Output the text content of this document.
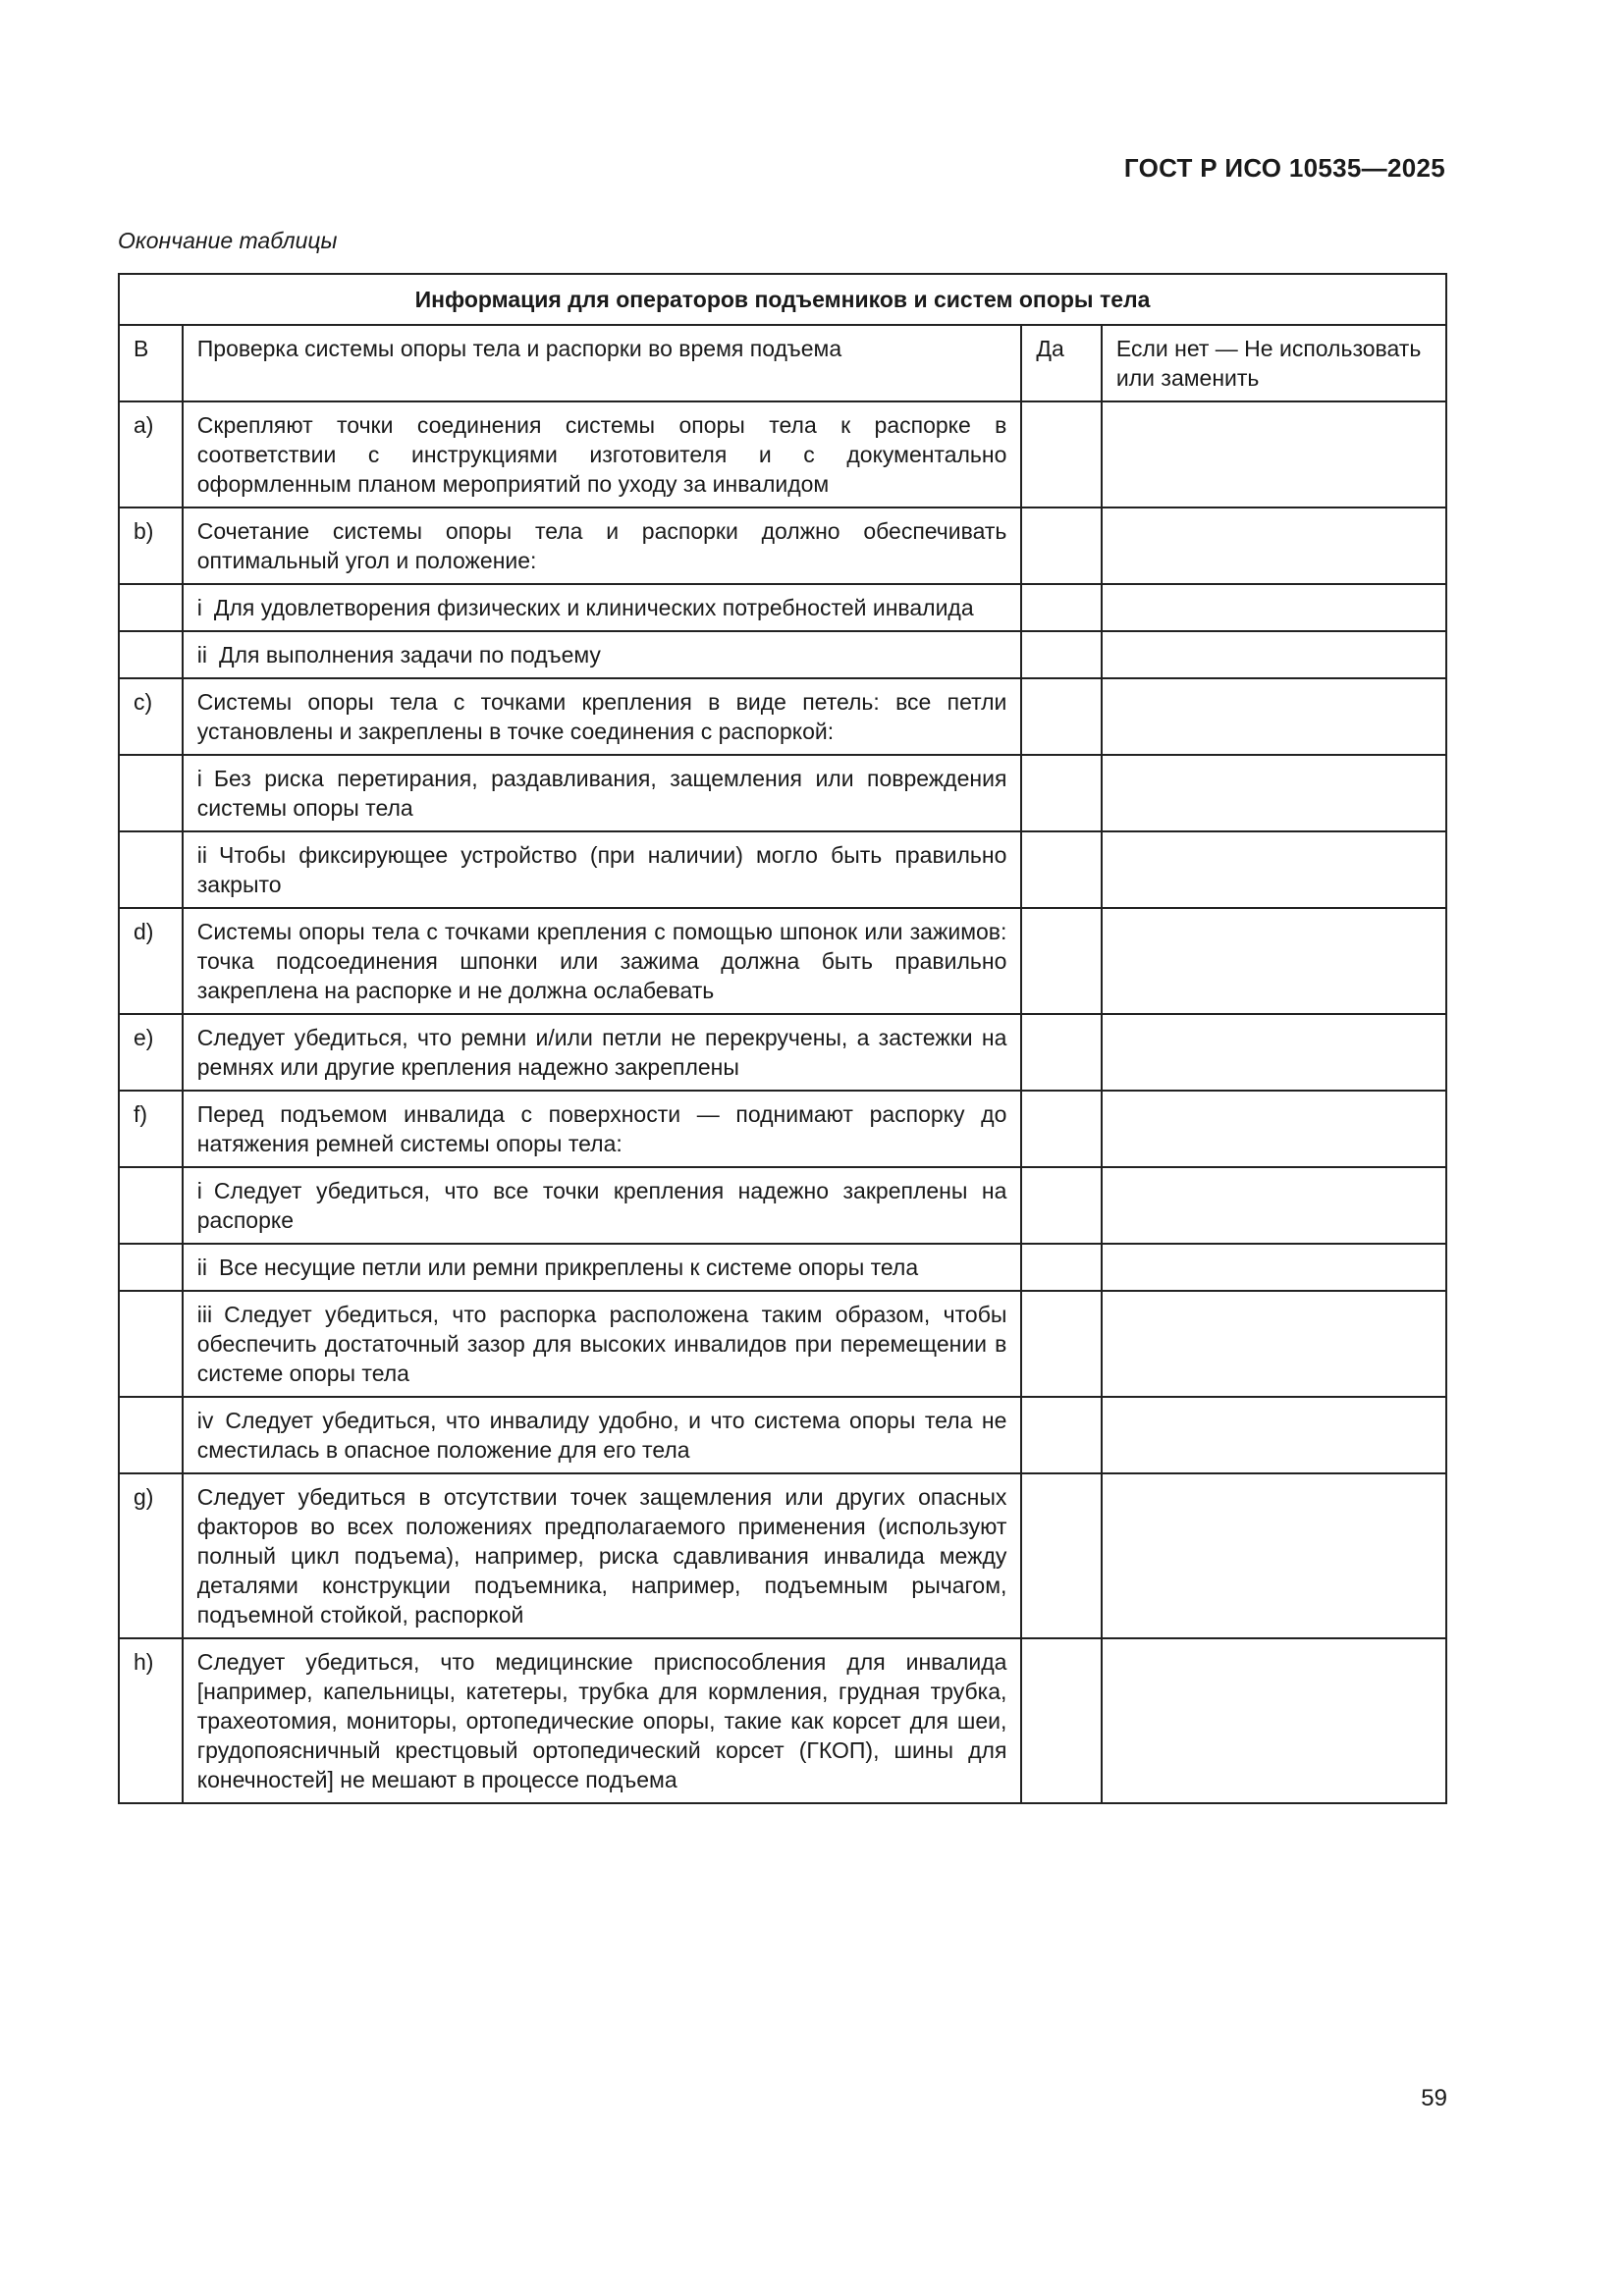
ГОСТ Р ИСО 10535—2025
Окончание таблицы
Информация для операторов подъемников и систем опоры тела			
В	Проверка системы опоры тела и распорки во время подъема	Да	Если нет — Не использовать или заменить
a)	Скрепляют точки соединения системы опоры тела к распорке в соответствии с инструкциями изготовителя и с документально оформленным планом мероприятий по уходу за инвалидом		
b)	Сочетание системы опоры тела и распорки должно обеспечивать оптимальный угол и положение:		
	i Для удовлетворения физических и клинических потребностей инвалида		
	ii Для выполнения задачи по подъему		
c)	Системы опоры тела с точками крепления в виде петель: все петли установлены и закреплены в точке соединения с распоркой:		
	i Без риска перетирания, раздавливания, защемления или повреждения системы опоры тела		
	ii Чтобы фиксирующее устройство (при наличии) могло быть правильно закрыто		
d)	Системы опоры тела с точками крепления с помощью шпонок или зажимов: точка подсоединения шпонки или зажима должна быть правильно закреплена на распорке и не должна ослабевать		
e)	Следует убедиться, что ремни и/или петли не перекручены, а застежки на ремнях или другие крепления надежно закреплены		
f)	Перед подъемом инвалида с поверхности — поднимают распорку до натяжения ремней системы опоры тела:		
	i Следует убедиться, что все точки крепления надежно закреплены на распорке		
	ii Все несущие петли или ремни прикреплены к системе опоры тела		
	iii Следует убедиться, что распорка расположена таким образом, чтобы обеспечить достаточный зазор для высоких инвалидов при перемещении в системе опоры тела		
	iv Следует убедиться, что инвалиду удобно, и что система опоры тела не сместилась в опасное положение для его тела		
g)	Следует убедиться в отсутствии точек защемления или других опасных факторов во всех положениях предполагаемого применения (используют полный цикл подъема), например, риска сдавливания инвалида между деталями конструкции подъемника, например, подъемным рычагом, подъемной стойкой, распоркой		
h)	Следует убедиться, что медицинские приспособления для инвалида [например, капельницы, катетеры, трубка для кормления, грудная трубка, трахеотомия, мониторы, ортопедические опоры, такие как корсет для шеи, грудопоясничный крестцовый ортопедический корсет (ГКОП), шины для конечностей] не мешают в процессе подъема		
59
